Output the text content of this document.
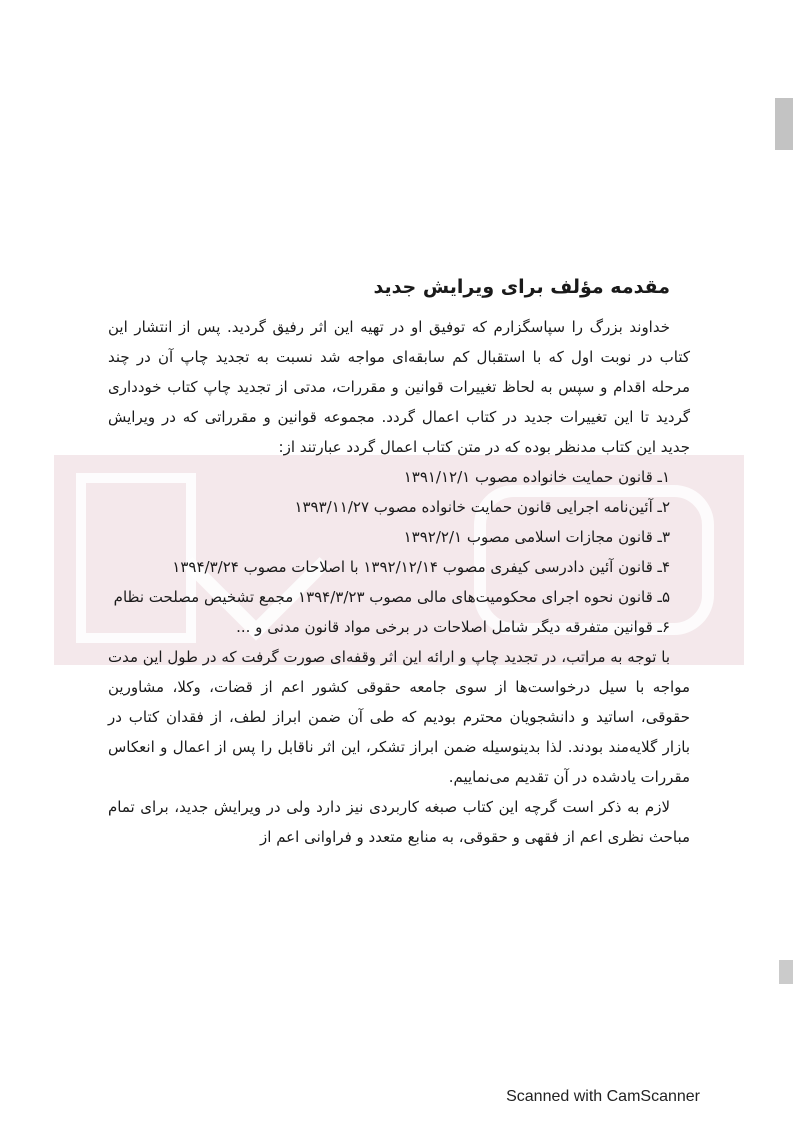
مقدمه مؤلف برای ویرایش جدید

خداوند بزرگ را سپاسگزارم که توفیق او در تهیه این اثر رفیق گردید. پس از انتشار این کتاب در نوبت اول که با استقبال کم سابقه‌ای مواجه شد نسبت به تجدید چاپ آن در چند مرحله اقدام و سپس به لحاظ تغییرات قوانین و مقررات، مدتی از تجدید چاپ کتاب خودداری گردید تا این تغییرات جدید در کتاب اعمال گردد. مجموعه قوانین و مقرراتی که در ویرایش جدید این کتاب مدنظر بوده که در متن کتاب اعمال گردد عبارتند از:

۱ـ قانون حمایت خانواده مصوب ۱۳۹۱/۱۲/۱

۲ـ آئین‌نامه اجرایی قانون حمایت خانواده مصوب ۱۳۹۳/۱۱/۲۷

۳ـ قانون مجازات اسلامی مصوب ۱۳۹۲/۲/۱

۴ـ قانون آئین دادرسی کیفری مصوب ۱۳۹۲/۱۲/۱۴ با اصلاحات مصوب ۱۳۹۴/۳/۲۴

۵ـ قانون نحوه اجرای محکومیت‌های مالی مصوب ۱۳۹۴/۳/۲۳ مجمع تشخیص مصلحت نظام

۶ـ قوانین متفرقه دیگر شامل اصلاحات در برخی مواد قانون مدنی و ...

با توجه به مراتب، در تجدید چاپ و ارائه این اثر وقفه‌ای صورت گرفت که در طول این مدت مواجه با سیل درخواست‌ها از سوی جامعه حقوقی کشور اعم از قضات، وکلا، مشاورین حقوقی، اساتید و دانشجویان محترم بودیم که طی آن ضمن ابراز لطف، از فقدان کتاب در بازار گلایه‌مند بودند. لذا بدینوسیله ضمن ابراز تشکر، این اثر ناقابل را پس از اعمال و انعکاس مقررات یادشده در آن تقدیم می‌نماییم.

لازم به ذکر است گرچه این کتاب صبغه کاربردی نیز دارد ولی در ویرایش جدید، برای تمام مباحث نظری اعم از فقهی و حقوقی، به منابع متعدد و فراوانی اعم از

Scanned with CamScanner
